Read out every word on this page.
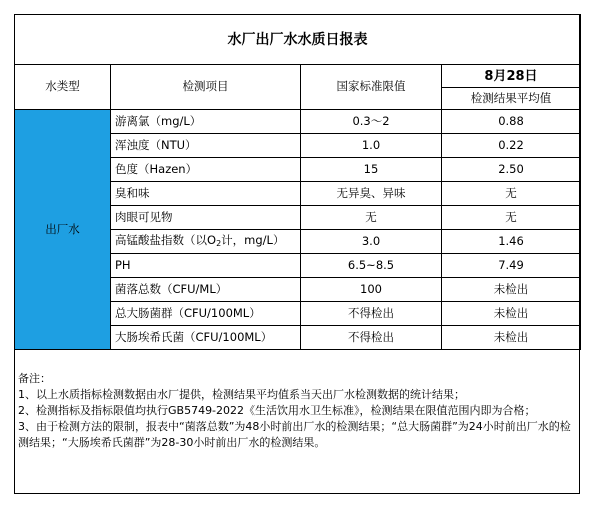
水厂出厂水水质日报表			
水类型	检测项目	国家标准限值	8月28日
			检测结果平均值
出厂水	游离氯（mg/L）	0.3～2	0.88
	浑浊度（NTU）	1.0	0.22
	色度（Hazen）	15	2.50
	臭和味	无异臭、异味	无
	肉眼可见物	无	无
	高锰酸盐指数（以$O_2$计，mg/L）	3.0	1.46
	PH	6.5~8.5	7.49
	菌落总数（CFU/ML）	100	未检出
	总大肠菌群（CFU/100ML）	不得检出	未检出
	大肠埃希氏菌（CFU/100ML）	不得检出	未检出
备注：
1、以上水质指标检测数据由水厂提供，检测结果平均值系当天出厂水检测数据的统计结果；
2、检测指标及指标限值均执行GB5749-2022《生活饮用水卫生标准》，检测结果在限值范围内即为合格；
3、由于检测方法的限制，报表中“菌落总数”为48小时前出厂水的检测结果；“总大肠菌群”为24小时前出厂水的检测结果；“大肠埃希氏菌群”为28-30小时前出厂水的检测结果。
